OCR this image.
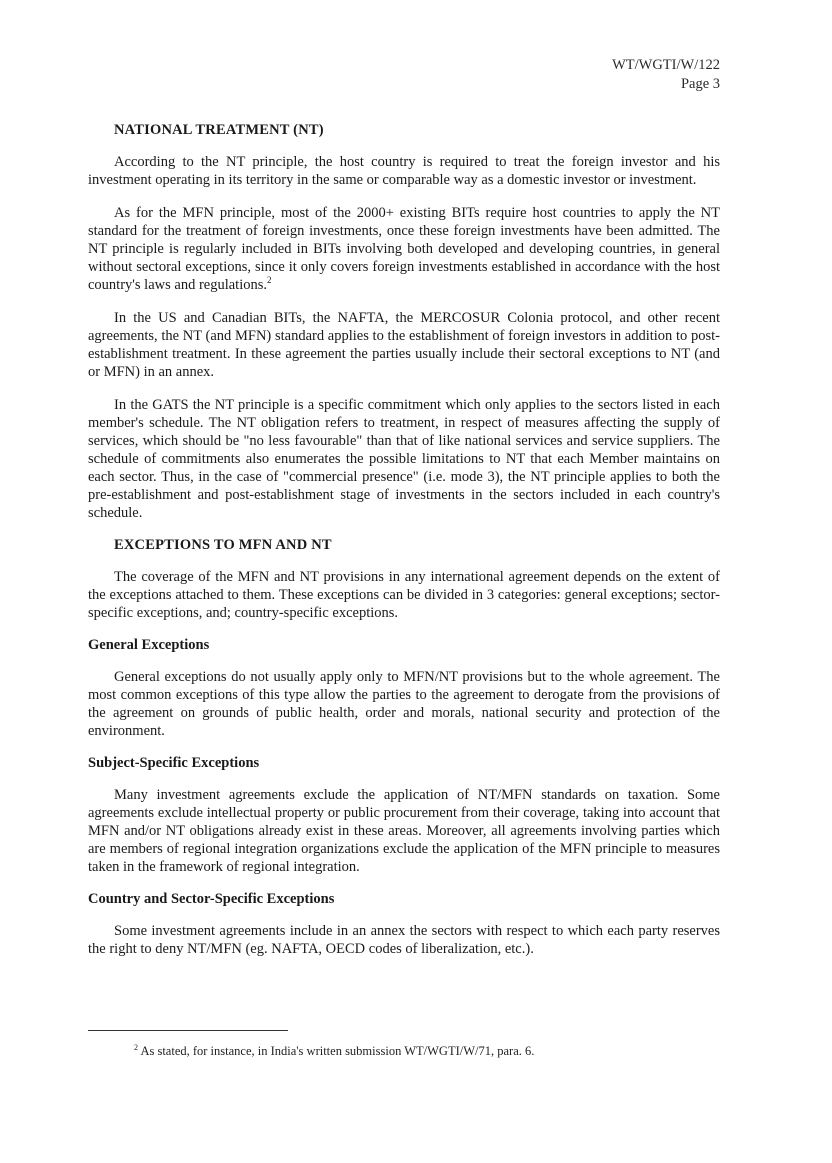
WT/WGTI/W/122
Page 3
NATIONAL TREATMENT (NT)

According to the NT principle, the host country is required to treat the foreign investor and his investment operating in its territory in the same or comparable way as a domestic investor or investment.

As for the MFN principle, most of the 2000+ existing BITs require host countries to apply the NT standard for the treatment of foreign investments, once these foreign investments have been admitted. The NT principle is regularly included in BITs involving both developed and developing countries, in general without sectoral exceptions, since it only covers foreign investments established in accordance with the host country's laws and regulations.$^2$

In the US and Canadian BITs, the NAFTA, the MERCOSUR Colonia protocol, and other recent agreements, the NT (and MFN) standard applies to the establishment of foreign investors in addition to post-establishment treatment. In these agreement the parties usually include their sectoral exceptions to NT (and or MFN) in an annex.

In the GATS the NT principle is a specific commitment which only applies to the sectors listed in each member's schedule. The NT obligation refers to treatment, in respect of measures affecting the supply of services, which should be "no less favourable" than that of like national services and service suppliers. The schedule of commitments also enumerates the possible limitations to NT that each Member maintains on each sector. Thus, in the case of "commercial presence" (i.e. mode 3), the NT principle applies to both the pre-establishment and post-establishment stage of investments in the sectors included in each country's schedule.

EXCEPTIONS TO MFN AND NT

The coverage of the MFN and NT provisions in any international agreement depends on the extent of the exceptions attached to them. These exceptions can be divided in 3 categories: general exceptions; sector-specific exceptions, and; country-specific exceptions.

General Exceptions

General exceptions do not usually apply only to MFN/NT provisions but to the whole agreement. The most common exceptions of this type allow the parties to the agreement to derogate from the provisions of the agreement on grounds of public health, order and morals, national security and protection of the environment.

Subject-Specific Exceptions

Many investment agreements exclude the application of NT/MFN standards on taxation. Some agreements exclude intellectual property or public procurement from their coverage, taking into account that MFN and/or NT obligations already exist in these areas. Moreover, all agreements involving parties which are members of regional integration organizations exclude the application of the MFN principle to measures taken in the framework of regional integration.

Country and Sector-Specific Exceptions

Some investment agreements include in an annex the sectors with respect to which each party reserves the right to deny NT/MFN (eg. NAFTA, OECD codes of liberalization, etc.).

$^2$ As stated, for instance, in India's written submission WT/WGTI/W/71, para. 6.
